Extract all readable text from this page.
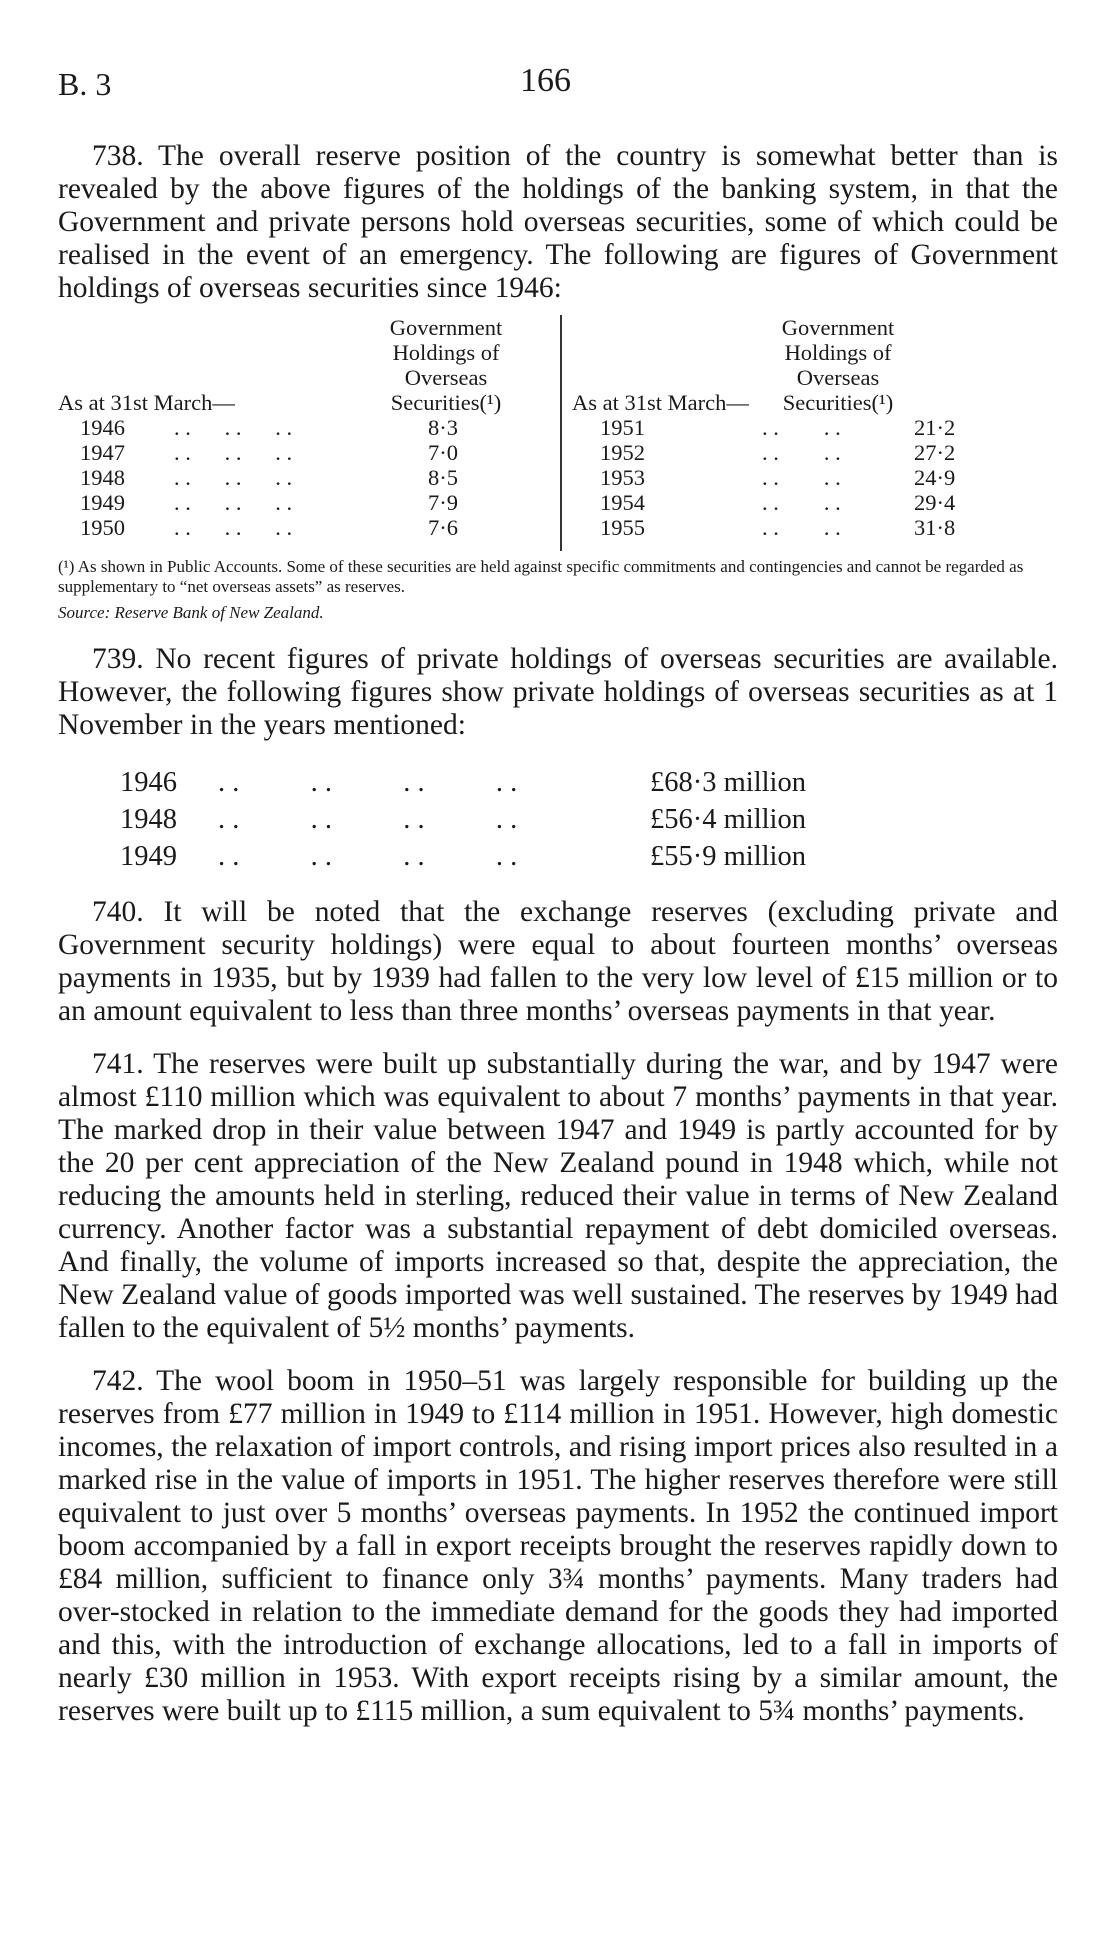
B. 3	166

738. The overall reserve position of the country is somewhat better than is revealed by the above figures of the holdings of the banking system, in that the Government and private persons hold overseas securities, some of which could be realised in the event of an emergency. The following are figures of Government holdings of overseas securities since 1946:

Government
Holdings of
Overseas
Securities(¹)
As at 31st March—
Government
Holdings of
Overseas
Securities(¹)
As at 31st March—
1946
1947
1948
1949
1950
. .      . .      . .
. .      . .      . .
. .      . .      . .
. .      . .      . .
. .      . .      . .
8·3
7·0
8·5
7·9
7·6
1951
1952
1953
1954
1955
. .        . .
. .        . .
. .        . .
. .        . .
. .        . .
21·2
27·2
24·9
29·4
31·8
(¹) As shown in Public Accounts. Some of these securities are held against specific commitments and contingencies and cannot be regarded as supplementary to “net overseas assets” as reserves.
Source: Reserve Bank of New Zealand.

739. No recent figures of private holdings of overseas securities are available. However, the following figures show private holdings of overseas securities as at 1 November in the years mentioned:

1946
1948
1949
. .          . .          . .          . .
. .          . .          . .          . .
. .          . .          . .          . .
£68·3 million
£56·4 million
£55·9 million

740. It will be noted that the exchange reserves (excluding private and Government security holdings) were equal to about fourteen months’ overseas payments in 1935, but by 1939 had fallen to the very low level of £15 million or to an amount equivalent to less than three months’ overseas payments in that year.

741. The reserves were built up substantially during the war, and by 1947 were almost £110 million which was equivalent to about 7 months’ payments in that year. The marked drop in their value between 1947 and 1949 is partly accounted for by the 20 per cent appreciation of the New Zealand pound in 1948 which, while not reducing the amounts held in sterling, reduced their value in terms of New Zealand currency. Another factor was a substantial repayment of debt domiciled overseas. And finally, the volume of imports increased so that, despite the appreciation, the New Zealand value of goods imported was well sustained. The reserves by 1949 had fallen to the equivalent of 5½ months’ payments.

742. The wool boom in 1950–51 was largely responsible for building up the reserves from £77 million in 1949 to £114 million in 1951. However, high domestic incomes, the relaxation of import controls, and rising import prices also resulted in a marked rise in the value of imports in 1951. The higher reserves therefore were still equivalent to just over 5 months’ overseas payments. In 1952 the continued import boom accompanied by a fall in export receipts brought the reserves rapidly down to £84 million, sufficient to finance only 3¾ months’ payments. Many traders had over-stocked in relation to the immediate demand for the goods they had imported and this, with the introduction of exchange allocations, led to a fall in imports of nearly £30 million in 1953. With export receipts rising by a similar amount, the reserves were built up to £115 million, a sum equivalent to 5¾ months’ payments.
